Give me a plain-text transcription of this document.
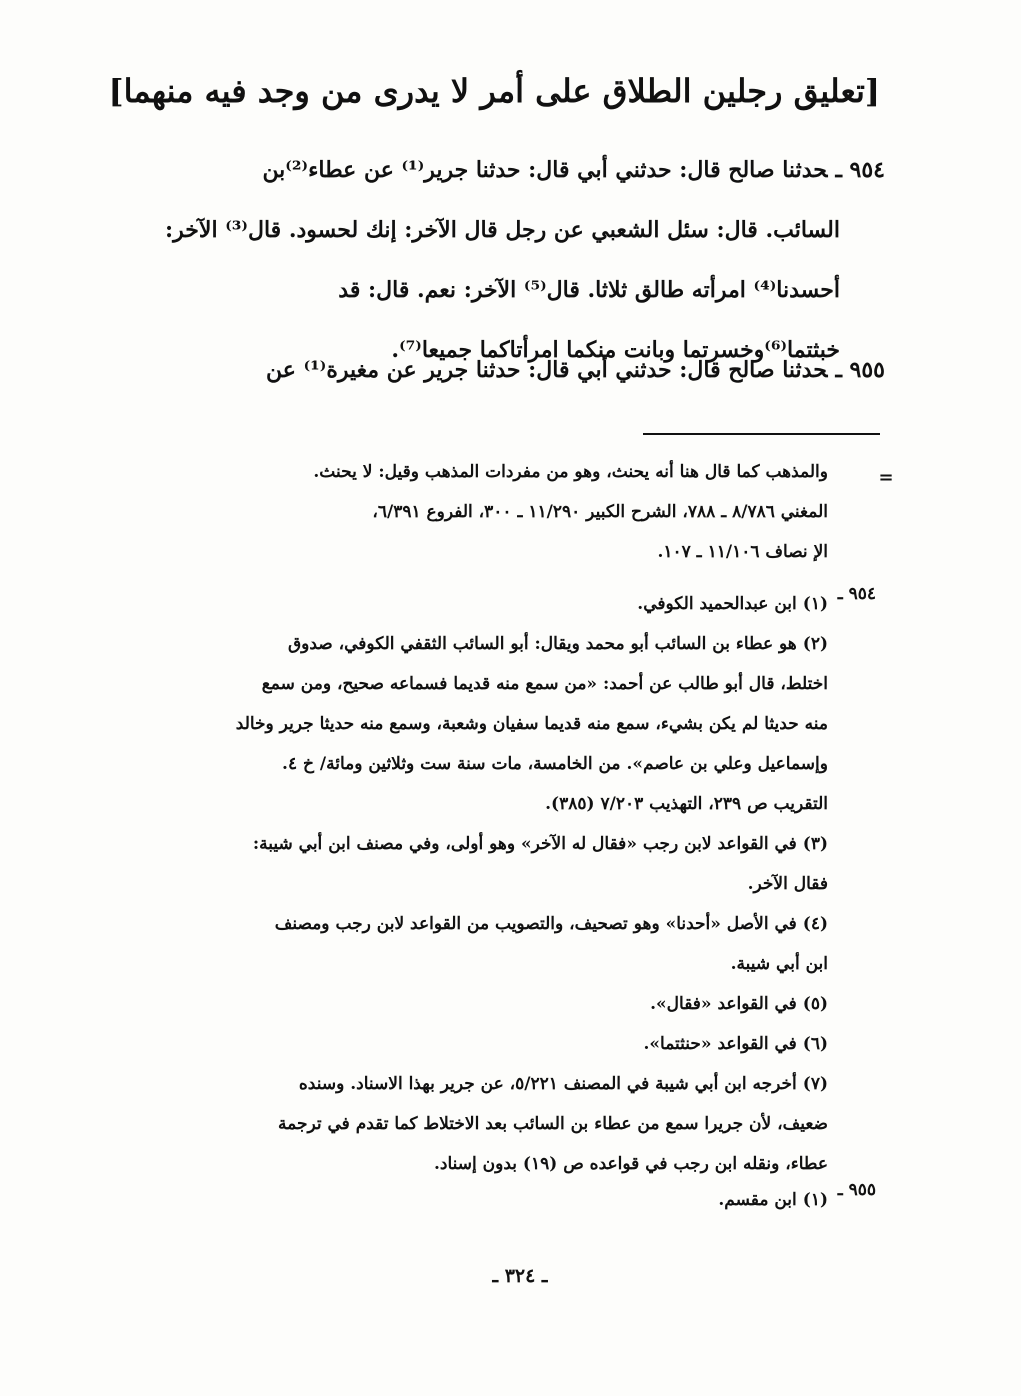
[تعليق رجلين الطلاق على أمر لا يدرى من وجد فيه منهما]
٩٥٤ ـحدثنا صالح قال: حدثني أبي قال: حدثنا جرير⁽¹⁾ عن عطاء⁽²⁾بن
السائب. قال: سئل الشعبي عن رجل قال الآخر: إنك لحسود. قال⁽³⁾ الآخر:
أحسدنا⁽⁴⁾ امرأته طالق ثلاثا. قال⁽⁵⁾ الآخر: نعم. قال: قد
خبثتما⁽⁶⁾وخسرتما وبانت منكما امرأتاكما جميعا⁽⁷⁾.
٩٥٥ ـحدثنا صالح قال: حدثني أبي قال: حدثنا جرير عن مغيرة⁽¹⁾ عن
=
والمذهب كما قال هنا أنه يحنث، وهو من مفردات المذهب وقيل: لا يحنث.
المغني ٨/٧٨٦ ـ ٧٨٨، الشرح الكبير ١١/٢٩٠ ـ ٣٠٠، الفروع ٦/٣٩١،
الإ نصاف ١١/١٠٦ ـ ١٠٧.
٩٥٤ ـ
(١)ابن عبدالحميد الكوفي.
(٢)هو عطاء بن السائب أبو محمد ويقال: أبو السائب الثقفي الكوفي، صدوق
اختلط، قال أبو طالب عن أحمد: «من سمع منه قديما فسماعه صحيح، ومن سمع
منه حديثا لم يكن بشيء، سمع منه قديما سفيان وشعبة، وسمع منه حديثا جرير وخالد
وإسماعيل وعلي بن عاصم». من الخامسة، مات سنة ست وثلاثين ومائة/ خ ٤.
التقريب ص ٢٣٩، التهذيب ٧/٢٠٣ (٣٨٥).
(٣)في القواعد لابن رجب «فقال له الآخر» وهو أولى، وفي مصنف ابن أبي شيبة:
فقال الآخر.
(٤)في الأصل «أحدنا» وهو تصحيف، والتصويب من القواعد لابن رجب ومصنف
ابن أبي شيبة.
(٥)في القواعد «فقال».
(٦)في القواعد «حنثتما».
(٧)أخرجه ابن أبي شيبة في المصنف ٥/٢٢١، عن جرير بهذا الاسناد. وسنده
ضعيف، لأن جريرا سمع من عطاء بن السائب بعد الاختلاط كما تقدم في ترجمة
عطاء، ونقله ابن رجب في قواعده ص (١٩) بدون إسناد.
٩٥٥ ـ
(١)ابن مقسم.
ـ ٣٢٤ ـ
